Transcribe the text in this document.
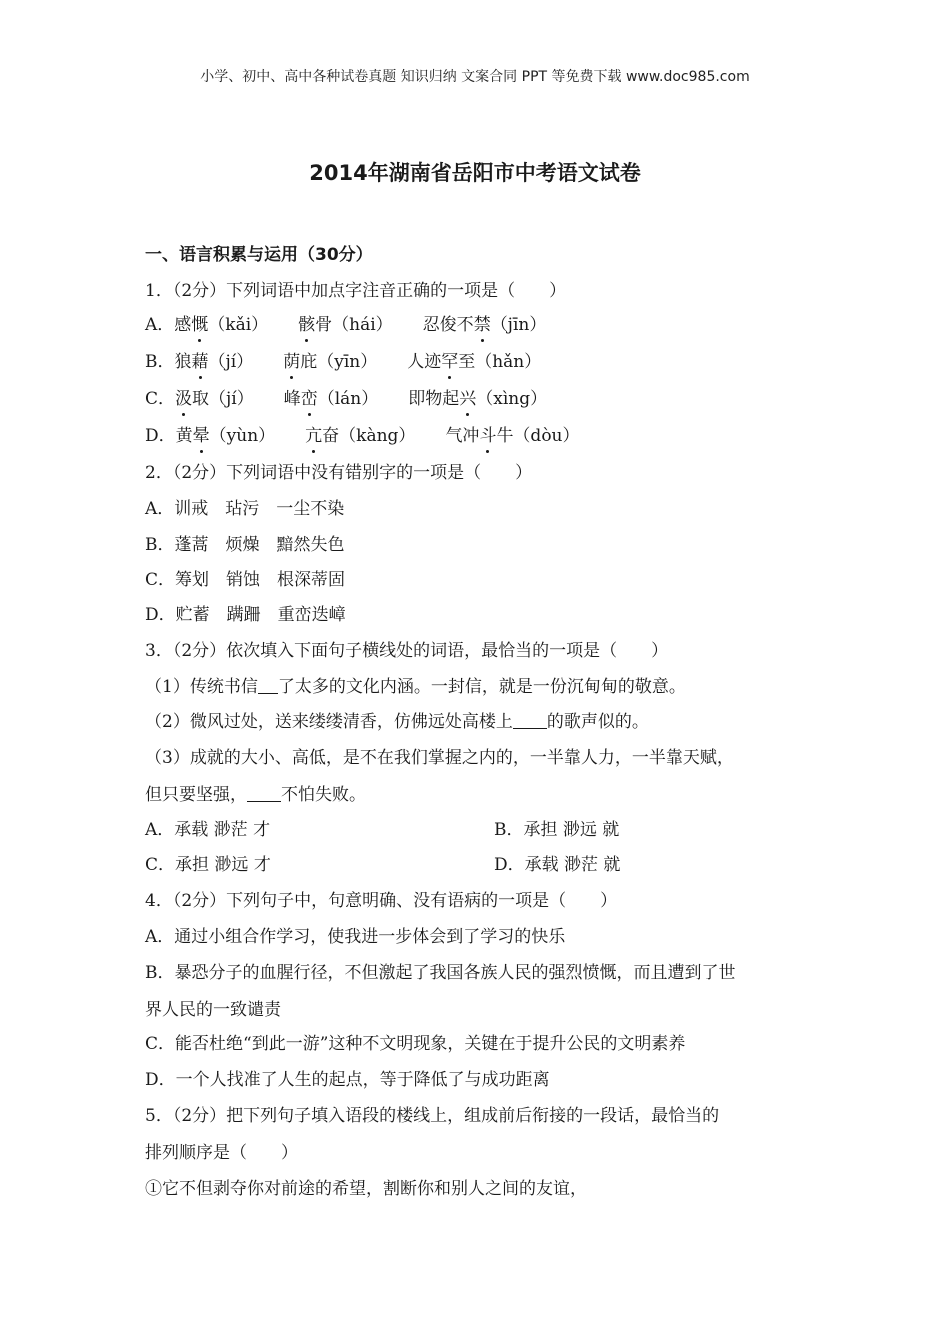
小学、初中、高中各种试卷真题 知识归纳 文案合同 PPT 等免费下载 www.doc985.com
2014年湖南省岳阳市中考语文试卷
一、语言积累与运用（30分）
1．（2分）下列词语中加点字注音正确的一项是（　　）
A．感慨（kǎi） 骸骨（hái） 忍俊不禁（jīn）
B．狼藉（jí） 荫庇（yīn） 人迹罕至（hǎn）
C．汲取（jí） 峰峦（lán） 即物起兴（xìng）
D．黄晕（yùn） 亢奋（kàng） 气冲斗牛（dòu）
2．（2分）下列词语中没有错别字的一项是（　　）
A．训戒　玷污　一尘不染
B．蓬蒿　烦燥　黯然失色
C．筹划　销蚀　根深蒂固
D．贮蓄　蹒跚　重峦迭嶂
3．（2分）依次填入下面句子横线处的词语，最恰当的一项是（　　）
（1）传统书信 了太多的文化内涵。一封信，就是一份沉甸甸的敬意。
（2）微风过处，送来缕缕清香，仿佛远处高楼上 的歌声似的。
（3）成就的大小、高低，是不在我们掌握之内的，一半靠人力，一半靠天赋，
但只要坚强， 不怕失败。
A．承载 渺茫 才	B．承担 渺远 就
C．承担 渺远 才	D．承载 渺茫 就
4．（2分）下列句子中，句意明确、没有语病的一项是（　　）
A．通过小组合作学习，使我进一步体会到了学习的快乐
B．暴恐分子的血腥行径，不但激起了我国各族人民的强烈愤慨，而且遭到了世
界人民的一致谴责
C．能否杜绝“到此一游”这种不文明现象，关键在于提升公民的文明素养
D．一个人找准了人生的起点，等于降低了与成功距离
5．（2分）把下列句子填入语段的楼线上，组成前后衔接的一段话，最恰当的
排列顺序是（　　）
①它不但剥夺你对前途的希望，割断你和别人之间的友谊，
